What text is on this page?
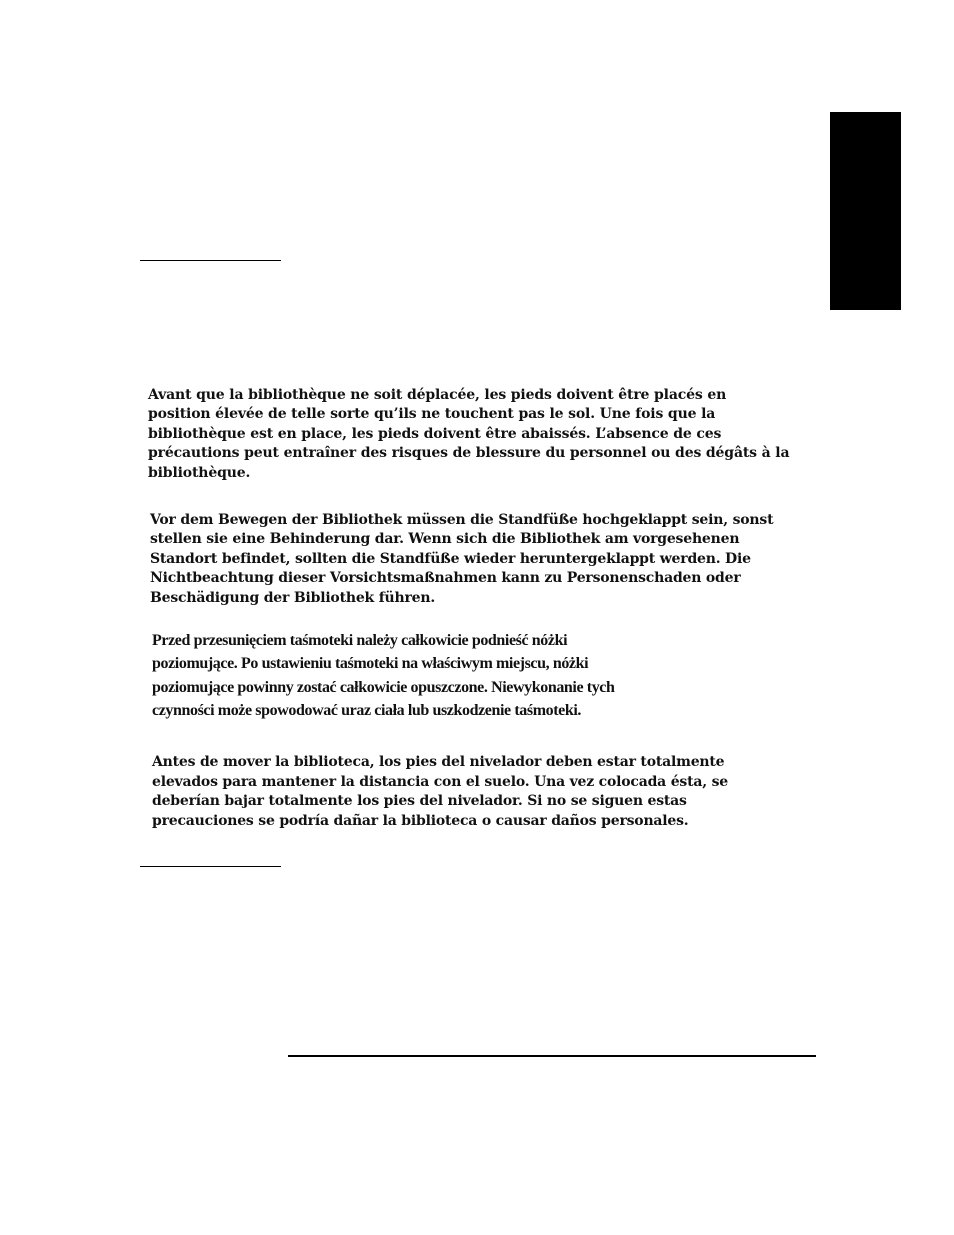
Avant que la bibliothèque ne soit déplacée, les pieds doivent être placés en
position élevée de telle sorte qu’ils ne touchent pas le sol. Une fois que la
bibliothèque est en place, les pieds doivent être abaissés. L’absence de ces
précautions peut entraîner des risques de blessure du personnel ou des dégâts à la
bibliothèque.

Vor dem Bewegen der Bibliothek müssen die Standfüße hochgeklappt sein, sonst
stellen sie eine Behinderung dar. Wenn sich die Bibliothek am vorgesehenen
Standort befindet, sollten die Standfüße wieder heruntergeklappt werden. Die
Nichtbeachtung dieser Vorsichtsmaßnahmen kann zu Personenschaden oder
Beschädigung der Bibliothek führen.

Przed przesunięciem taśmoteki należy całkowicie podnieść nóżki
poziomujące. Po ustawieniu taśmoteki na właściwym miejscu, nóżki
poziomujące powinny zostać całkowicie opuszczone. Niewykonanie tych
czynności może spowodować uraz ciała lub uszkodzenie taśmoteki.

Antes de mover la biblioteca, los pies del nivelador deben estar totalmente
elevados para mantener la distancia con el suelo. Una vez colocada ésta, se
deberían bajar totalmente los pies del nivelador. Si no se siguen estas
precauciones se podría dañar la biblioteca o causar daños personales.
